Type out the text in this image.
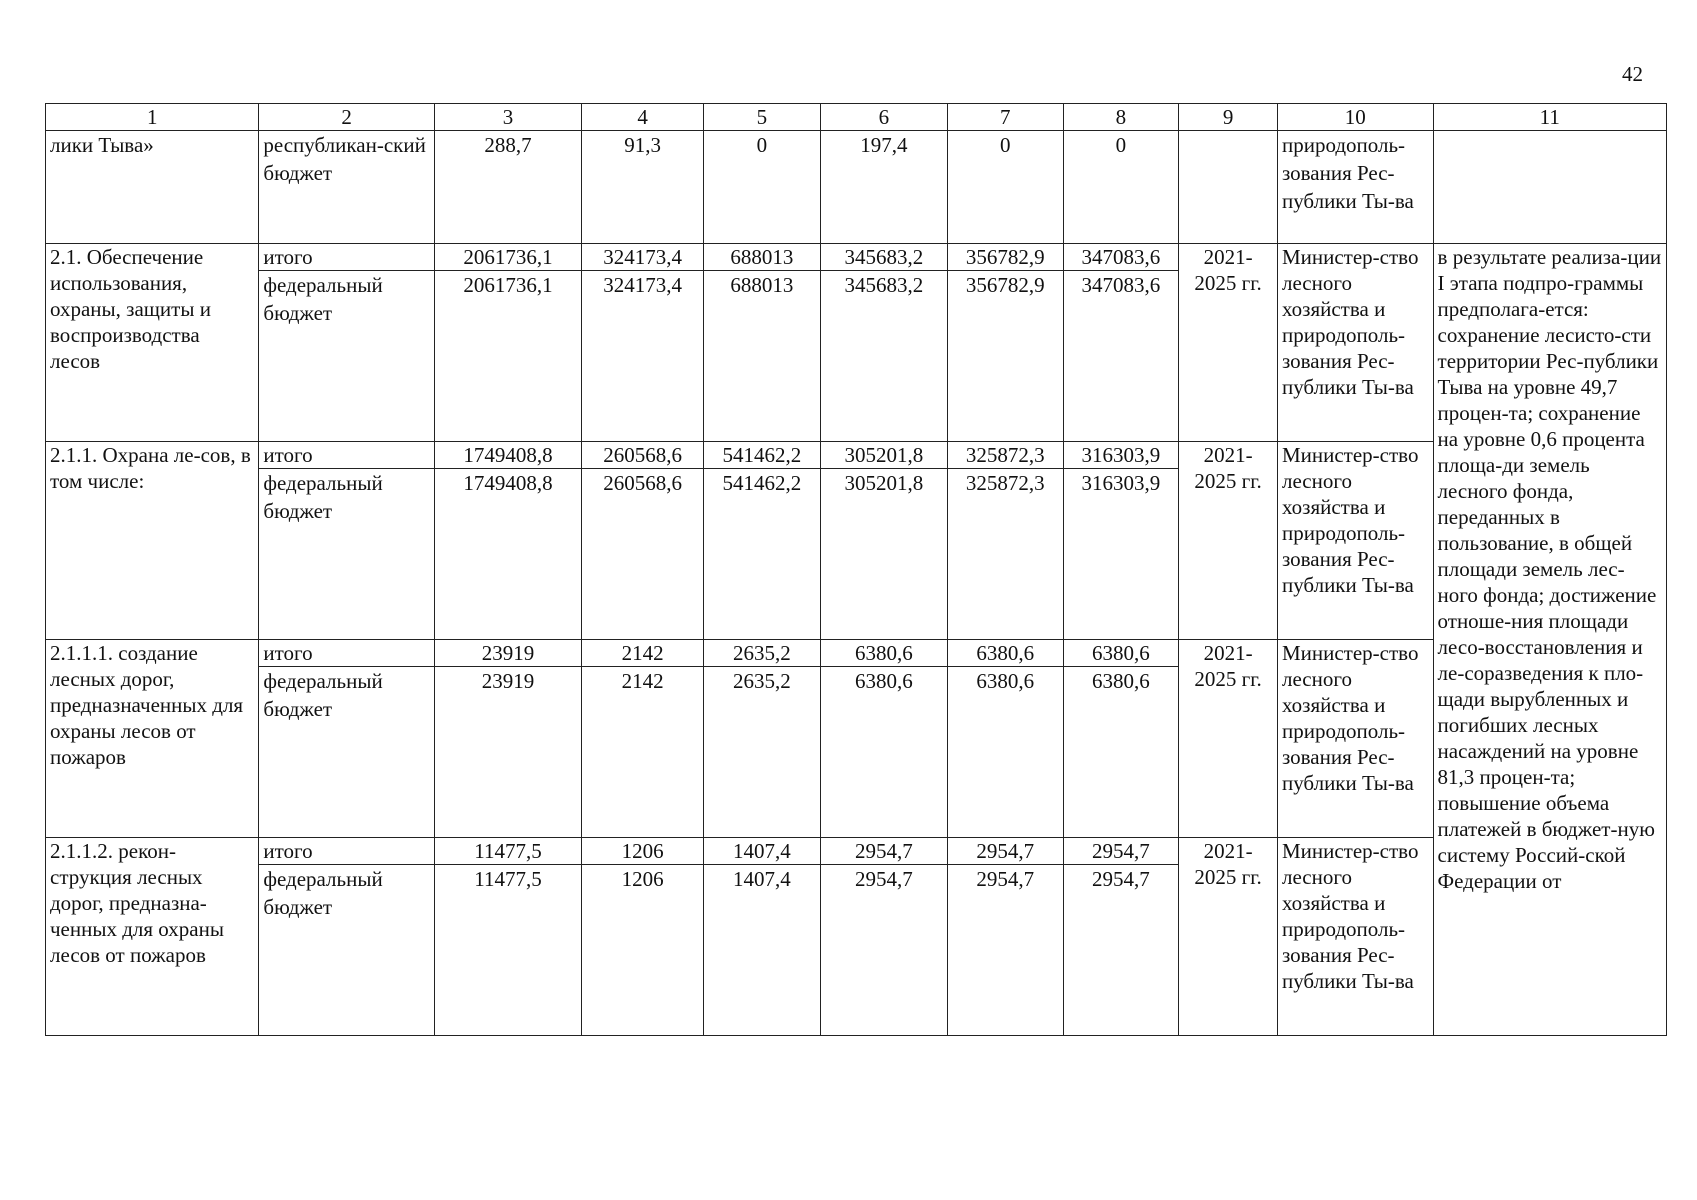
42
1	2	3	4	5	6	7	8	9	10	11
лики Тыва»	республикан-ский бюджет	288,7	91,3	0	197,4	0	0		природополь-зования Рес-публики Ты-ва	
2.1. Обеспечение использования, охраны, защиты и воспроизводства лесов	итого	2061736,1	324173,4	688013	345683,2	356782,9	347083,6	2021-2025 гг.	Министер-ство лесного хозяйства и природополь-зования Рес-публики Ты-ва	в результате реализа-ции I этапа подпро-граммы предполага-ется: сохранение лесисто-сти территории Рес-публики Тыва на уровне 49,7 процен-та; сохранение на уровне 0,6 процента площа-ди земель лесного фонда, переданных в пользование, в общей площади земель лес-ного фонда; достижение отноше-ния площади лесо-восстановления и ле-соразведения к пло-щади вырубленных и погибших лесных насаждений на уровне 81,3 процен-та; повышение объема платежей в бюджет-ную систему Россий-ской Федерации от
	федеральный бюджет	2061736,1	324173,4	688013	345683,2	356782,9	347083,6			
2.1.1. Охрана ле-сов, в том числе:	итого	1749408,8	260568,6	541462,2	305201,8	325872,3	316303,9	2021-2025 гг.	Министер-ство лесного хозяйства и природополь-зования Рес-публики Ты-ва	
	федеральный бюджет	1749408,8	260568,6	541462,2	305201,8	325872,3	316303,9			
2.1.1.1. создание лесных дорог, предназначенных для охраны лесов от пожаров	итого	23919	2142	2635,2	6380,6	6380,6	6380,6	2021-2025 гг.	Министер-ство лесного хозяйства и природополь-зования Рес-публики Ты-ва	
	федеральный бюджет	23919	2142	2635,2	6380,6	6380,6	6380,6			
2.1.1.2. рекон-струкция лесных дорог, предназна-ченных для охраны лесов от пожаров	итого	11477,5	1206	1407,4	2954,7	2954,7	2954,7	2021-2025 гг.	Министер-ство лесного хозяйства и природополь-зования Рес-публики Ты-ва	
	федеральный бюджет	11477,5	1206	1407,4	2954,7	2954,7	2954,7			
